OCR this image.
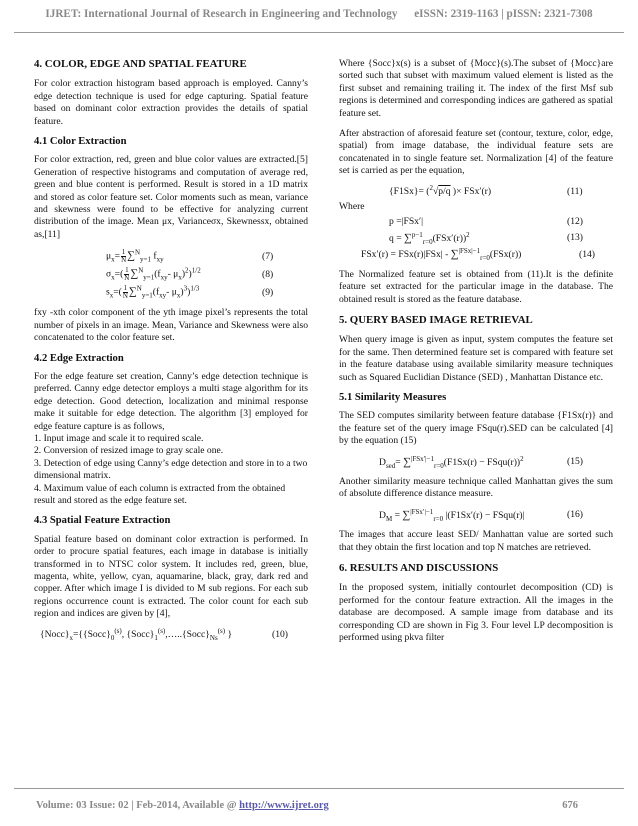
IJRET: International Journal of Research in Engineering and Technology eISSN: 2319-1163 | pISSN: 2321-7308
4. COLOR, EDGE AND SPATIAL FEATURE

For color extraction histogram based approach is employed. Canny’s edge detection technique is used for edge capturing. Spatial feature based on dominant color extraction provides the details of spatial feature.

4.1 Color Extraction

For color extraction, red, green and blue color values are extracted.[5] Generation of respective histograms and computation of average red, green and blue content is performed. Result is stored in a 1D matrix and stored as color feature set. Color moments such as mean, variance and skewness were found to be effective for analyzing current distribution of the image. Mean μx, Varianceσx, Skewnessx, obtained as,[11]

$\mu_x= \frac{1}{N} \sum^N_{y=1}$ $f_{xy}$	(7)
$\sigma_x=( \frac{1}{N} \sum^N_{y=1}(f_{xy}-$ $\mu_x)^2)^{1/2}$	(8)
$s_x=( \frac{1}{N} \sum^N_{y=1}(f_{xy}-$ $\mu_x)^3)^{1/3}$	(9)

fxy -xth color component of the yth image pixel’s represents the total number of pixels in an image. Mean, Variance and Skewness were also concatenated to the color feature set.

4.2 Edge Extraction

For the edge feature set creation, Canny’s edge detection technique is preferred. Canny edge detector employs a multi stage algorithm for its edge detection. Good detection, localization and minimal response make it suitable for edge detection. The algorithm [3] employed for edge feature capture is as follows,

1. Input image and scale it to required scale.
2. Conversion of resized image to gray scale one.
3. Detection of edge using Canny’s edge detection and store in to a two dimensional matrix.
4. Maximum value of each column is extracted from the obtained result and stored as the edge feature set.
4.3 Spatial Feature Extraction

Spatial feature based on dominant color extraction is performed. In order to procure spatial features, each image in database is initially transformed in to NTSC color system. It includes red, green, blue, magenta, white, yellow, cyan, aquamarine, black, gray, dark red and copper. After which image I is divided to M sub regions. For each sub regions occurrence count is extracted. The color count for each sub region and indices are given by [4],

$\{Nocc\}_x=\{\{Socc\}_0^{(s)}$, $\{Socc\}_1^{(s)},\dots..\{Socc\}_{Ns}^{(s)}$ }	(10)

Where {Socc}x(s) is a subset of {Mocc}(s).The subset of {Mocc}are sorted such that subset with maximum valued element is listed as the first subset and remaining trailing it. The index of the first Msf sub regions is determined and corresponding indices are gathered as spatial feature set.

After abstraction of aforesaid feature set (contour, texture, color, edge, spatial) from image database, the individual feature sets are concatenated in to single feature set. Normalization [4] of the feature set is carried as per the equation,

{F1Sx}= ($^2$√p/q )× FSx′(r)	(11)
Where
p =|FSx′|	(12)
$q = \sum^{p-1}_{r=0}(FSx'(r))^2$	(13)
FSx′(r) = FSx(r)|FSx| - ∑$^{|FSx|-1}_{r=0}$(FSx(r))	(14)

The Normalized feature set is obtained from (11).It is the definite feature set extracted for the particular image in the database. The obtained result is stored as the feature database.

5. QUERY BASED IMAGE RETRIEVAL

When query image is given as input, system computes the feature set for the same. Then determined feature set is compared with feature set in the feature database using available similarity measure techniques such as Squared Euclidian Distance (SED) , Manhattan Distance etc.

5.1 Similarity Measures

The SED computes similarity between feature database {F1Sx(r)} and the feature set of the query image FSqu(r).SED can be calculated [4] by the equation (15)

$D_{sed}= \sum^{|FSx'|-1}_{r=0}(F1Sx(r)$ − FSqu(r))$^2$	(15)

Another similarity measure technique called Manhattan gives the sum of absolute difference distance measure.

$D_M = \sum^{|FSx'|-1}_{r=0}$ |(F1Sx′(r) − FSqu(r)|	(16)

The images that accure least SED/ Manhattan value are sorted such that they obtain the first location and top N matches are retrieved.

6. RESULTS AND DISCUSSIONS

In the proposed system, initially contourlet decomposition (CD) is performed for the contour feature extraction. All the images in the database are decomposed. A sample image from database and its corresponding CD are shown in Fig 3. Four level LP decomposition is performed using pkva filter

Volume: 03 Issue: 02 | Feb-2014, Available @ http://www.ijret.org	676
